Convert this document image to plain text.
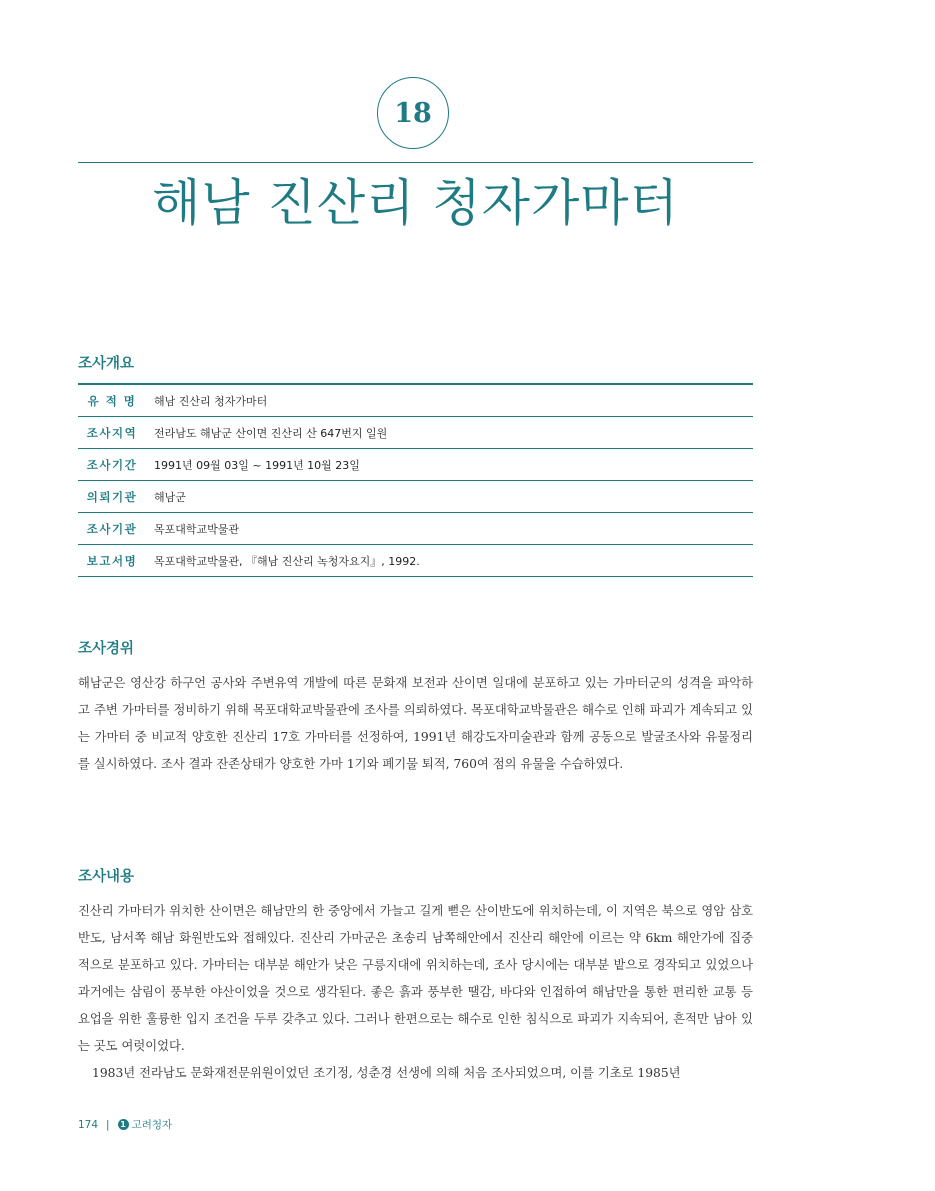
18
해남 진산리 청자가마터
조사개요
유 적 명	해남 진산리 청자가마터
조사지역	전라남도 해남군 산이면 진산리 산 647번지 일원
조사기간	1991년 09월 03일 ~ 1991년 10월 23일
의뢰기관	해남군
조사기관	목포대학교박물관
보고서명	목포대학교박물관, 『해남 진산리 녹청자요지』, 1992.
조사경위

해남군은 영산강 하구언 공사와 주변유역 개발에 따른 문화재 보전과 산이면 일대에 분포하고 있는 가마터군의 성격을 파악하고 주변 가마터를 정비하기 위해 목포대학교박물관에 조사를 의뢰하였다. 목포대학교박물관은 해수로 인해 파괴가 계속되고 있는 가마터 중 비교적 양호한 진산리 17호 가마터를 선정하여, 1991년 해강도자미술관과 함께 공동으로 발굴조사와 유물정리를 실시하였다. 조사 결과 잔존상태가 양호한 가마 1기와 폐기물 퇴적, 760여 점의 유물을 수습하였다.

조사내용

진산리 가마터가 위치한 산이면은 해남만의 한 중앙에서 가늘고 길게 뻗은 산이반도에 위치하는데, 이 지역은 북으로 영암 삼호반도, 남서쪽 해남 화원반도와 접해있다. 진산리 가마군은 초송리 남쪽해안에서 진산리 해안에 이르는 약 6km 해안가에 집중적으로 분포하고 있다. 가마터는 대부분 해안가 낮은 구릉지대에 위치하는데, 조사 당시에는 대부분 밭으로 경작되고 있었으나 과거에는 삼림이 풍부한 야산이었을 것으로 생각된다. 좋은 흙과 풍부한 땔감, 바다와 인접하여 해남만을 통한 편리한 교통 등 요업을 위한 훌륭한 입지 조건을 두루 갖추고 있다. 그러나 한편으로는 해수로 인한 침식으로 파괴가 지속되어, 흔적만 남아 있는 곳도 여럿이었다.

1983년 전라남도 문화재전문위원이었던 조기정, 성춘경 선생에 의해 처음 조사되었으며, 이를 기초로 1985년

174 |	1 고려청자
